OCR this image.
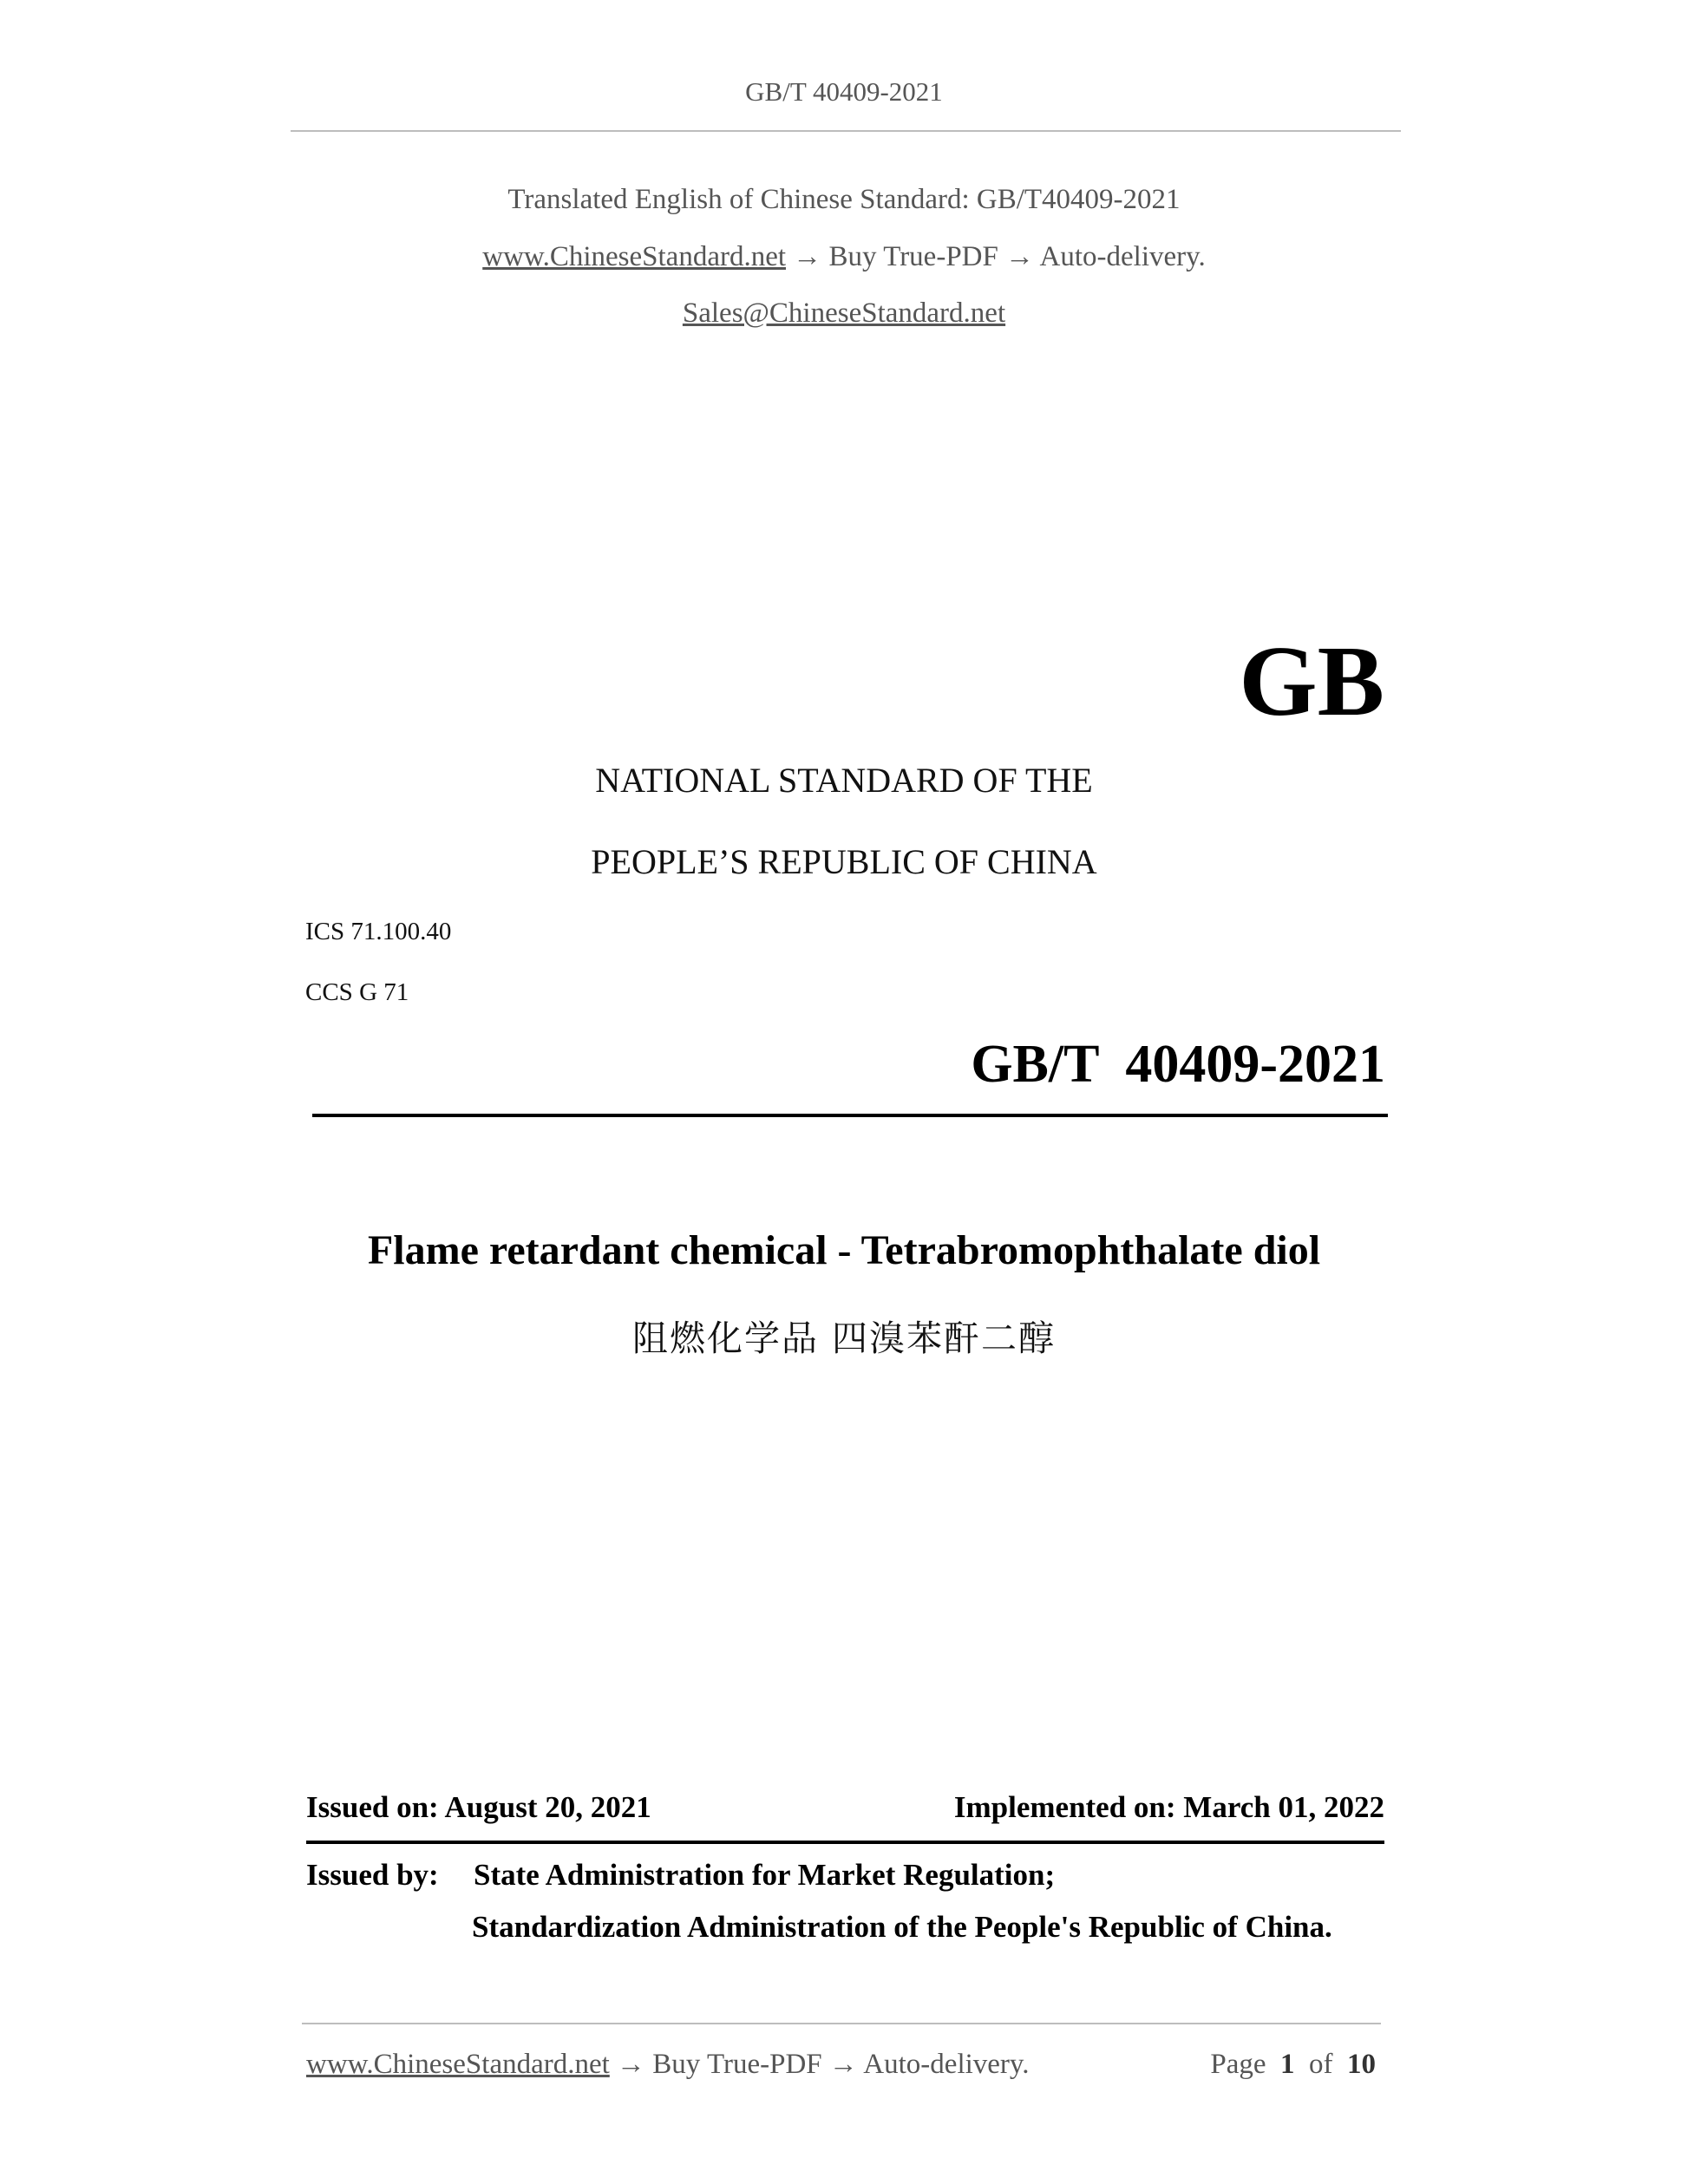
GB/T 40409-2021
Translated English of Chinese Standard: GB/T40409-2021
www.ChineseStandard.net → Buy True-PDF → Auto-delivery.
Sales@ChineseStandard.net
GB
NATIONAL STANDARD OF THE
PEOPLE’S REPUBLIC OF CHINA
ICS 71.100.40
CCS G 71
GB/T  40409-2021
Flame retardant chemical - Tetrabromophthalate diol
阻燃化学品 四溴苯酐二醇
Issued on: August 20, 2021	Implemented on: March 01, 2022
Issued by: State Administration for Market Regulation;
Standardization Administration of the People's Republic of China.
www.ChineseStandard.net → Buy True-PDF → Auto-delivery.	Page 1 of 10
